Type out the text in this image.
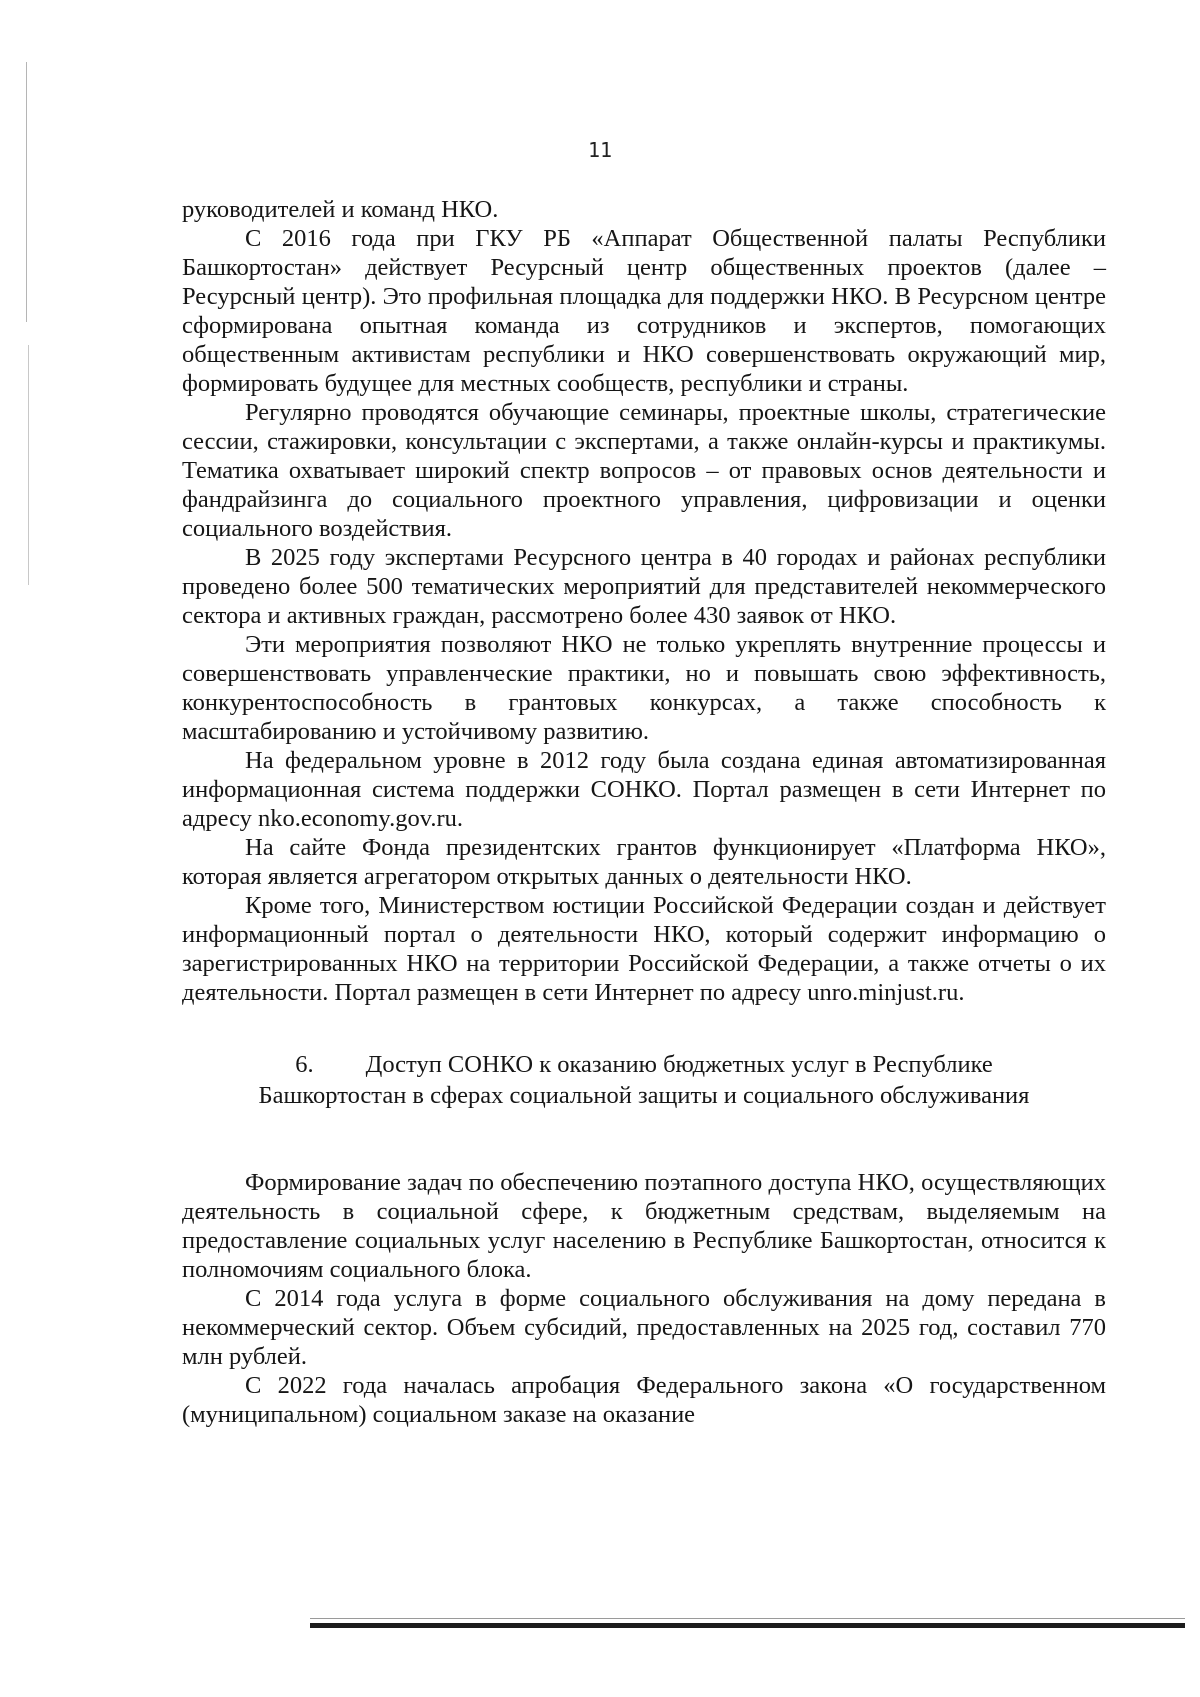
11

руководителей и команд НКО.

С 2016 года при ГКУ РБ «Аппарат Общественной палаты Республики Башкортостан» действует Ресурсный центр общественных проектов (далее – Ресурсный центр). Это профильная площадка для поддержки НКО. В Ресурсном центре сформирована опытная команда из сотрудников и экспертов, помогающих общественным активистам республики и НКО совершенствовать окружающий мир, формировать будущее для местных сообществ, республики и страны.

Регулярно проводятся обучающие семинары, проектные школы, стратегические сессии, стажировки, консультации с экспертами, а также онлайн-курсы и практикумы. Тематика охватывает широкий спектр вопросов – от правовых основ деятельности и фандрайзинга до социального проектного управления, цифровизации и оценки социального воздействия.

В 2025 году экспертами Ресурсного центра в 40 городах и районах республики проведено более 500 тематических мероприятий для представителей некоммерческого сектора и активных граждан, рассмотрено более 430 заявок от НКО.

Эти мероприятия позволяют НКО не только укреплять внутренние процессы и совершенствовать управленческие практики, но и повышать свою эффективность, конкурентоспособность в грантовых конкурсах, а также способность к масштабированию и устойчивому развитию.

На федеральном уровне в 2012 году была создана единая автоматизированная информационная система поддержки СОНКО. Портал размещен в сети Интернет по адресу nko.economy.gov.ru.

На сайте Фонда президентских грантов функционирует «Платформа НКО», которая является агрегатором открытых данных о деятельности НКО.

Кроме того, Министерством юстиции Российской Федерации создан и действует информационный портал о деятельности НКО, который содержит информацию о зарегистрированных НКО на территории Российской Федерации, а также отчеты о их деятельности. Портал размещен в сети Интернет по адресу unro.minjust.ru.

6. Доступ СОНКО к оказанию бюджетных услуг в Республике
Башкортостан в сферах социальной защиты и социального обслуживания

Формирование задач по обеспечению поэтапного доступа НКО, осуществляющих деятельность в социальной сфере, к бюджетным средствам, выделяемым на предоставление социальных услуг населению в Республике Башкортостан, относится к полномочиям социального блока.

С 2014 года услуга в форме социального обслуживания на дому передана в некоммерческий сектор. Объем субсидий, предоставленных на 2025 год, составил 770 млн рублей.

С 2022 года началась апробация Федерального закона «О государственном (муниципальном) социальном заказе на оказание
